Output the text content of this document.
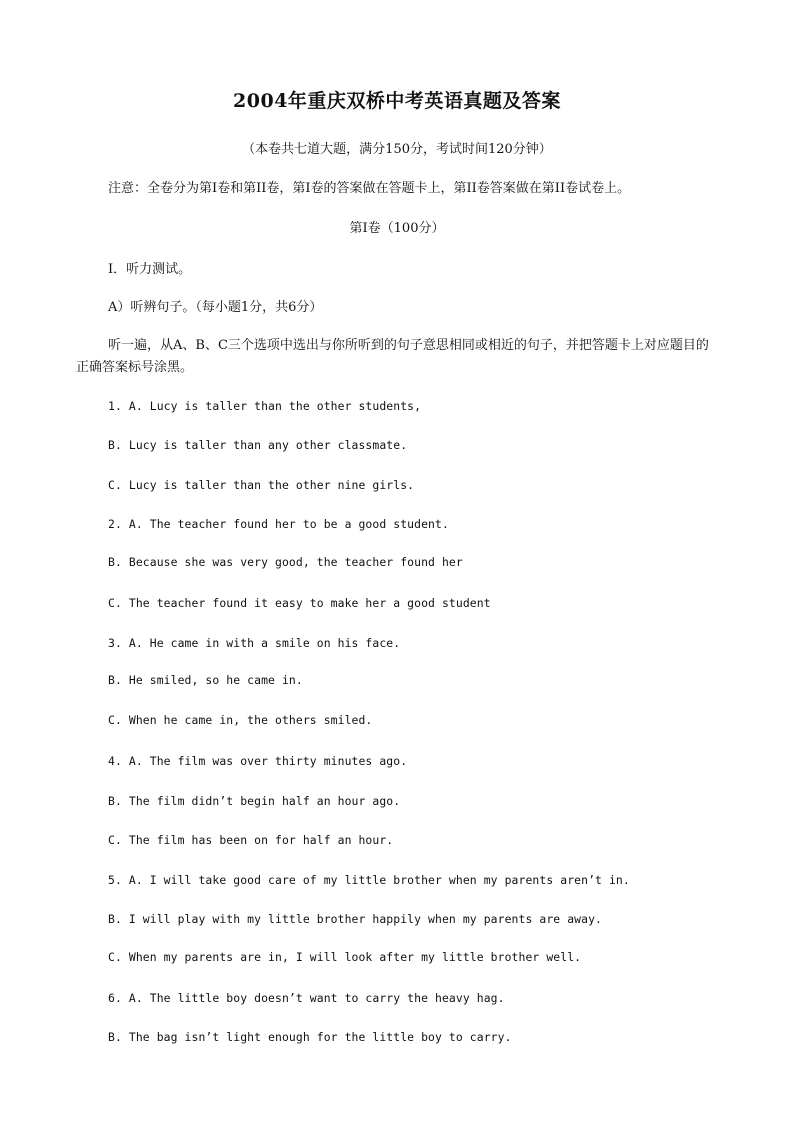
2004年重庆双桥中考英语真题及答案
（本卷共七道大题，满分150分，考试时间120分钟）
注意：全卷分为第I卷和第II卷，第I卷的答案做在答题卡上，第II卷答案做在第II卷试卷上。
第I卷（100分）
I．听力测试。
A）听辨句子。（每小题1分，共6分）
听一遍，从A、B、C三个选项中选出与你所听到的句子意思相同或相近的句子，并把答题卡上对应题目的正确答案标号涂黑。
1. A. Lucy is taller than the other students,
B. Lucy is taller than any other classmate.
C. Lucy is taller than the other nine girls.
2. A. The teacher found her to be a good student.
B. Because she was very good, the teacher found her
C. The teacher found it easy to make her a good student
3. A. He came in with a smile on his face.
B. He smiled, so he came in.
C. When he came in, the others smiled.
4. A. The film was over thirty minutes ago.
B. The film didn’t begin half an hour ago.
C. The film has been on for half an hour.
5. A. I will take good care of my little brother when my parents aren’t in.
B. I will play with my little brother happily when my parents are away.
C. When my parents are in, I will look after my little brother well.
6. A. The little boy doesn’t want to carry the heavy hag.
B. The bag isn’t light enough for the little boy to carry.
